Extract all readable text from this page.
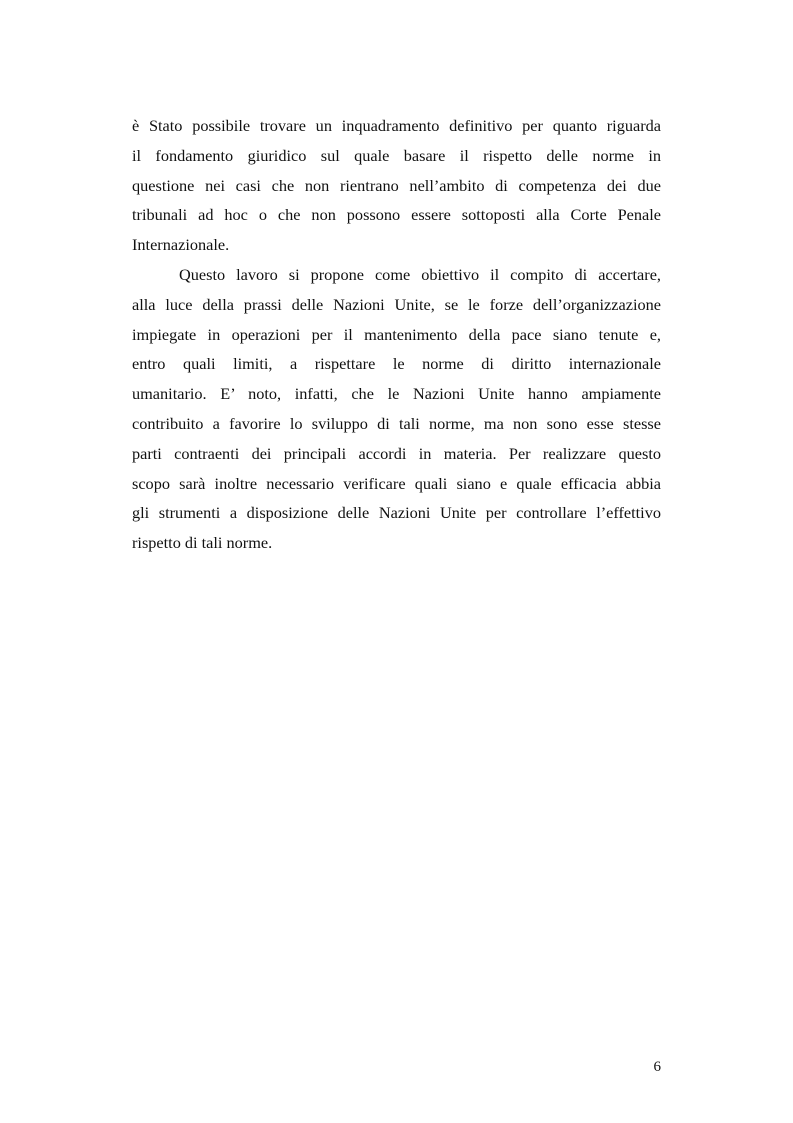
è Stato possibile trovare un inquadramento definitivo per quanto riguarda
il fondamento giuridico sul quale basare il rispetto delle norme in
questione nei casi che non rientrano nell’ambito di competenza dei due
tribunali ad hoc o che non possono essere sottoposti alla Corte Penale
Internazionale.
Questo lavoro si propone come obiettivo il compito di accertare,
alla luce della prassi delle Nazioni Unite, se le forze dell’organizzazione
impiegate in operazioni per il mantenimento della pace siano tenute e,
entro quali limiti, a rispettare le norme di diritto internazionale
umanitario. E’ noto, infatti, che le Nazioni Unite hanno ampiamente
contribuito a favorire lo sviluppo di tali norme, ma non sono esse stesse
parti contraenti dei principali accordi in materia. Per realizzare questo
scopo sarà inoltre necessario verificare quali siano e quale efficacia abbia
gli strumenti a disposizione delle Nazioni Unite per controllare l’effettivo
rispetto di tali norme.
6
